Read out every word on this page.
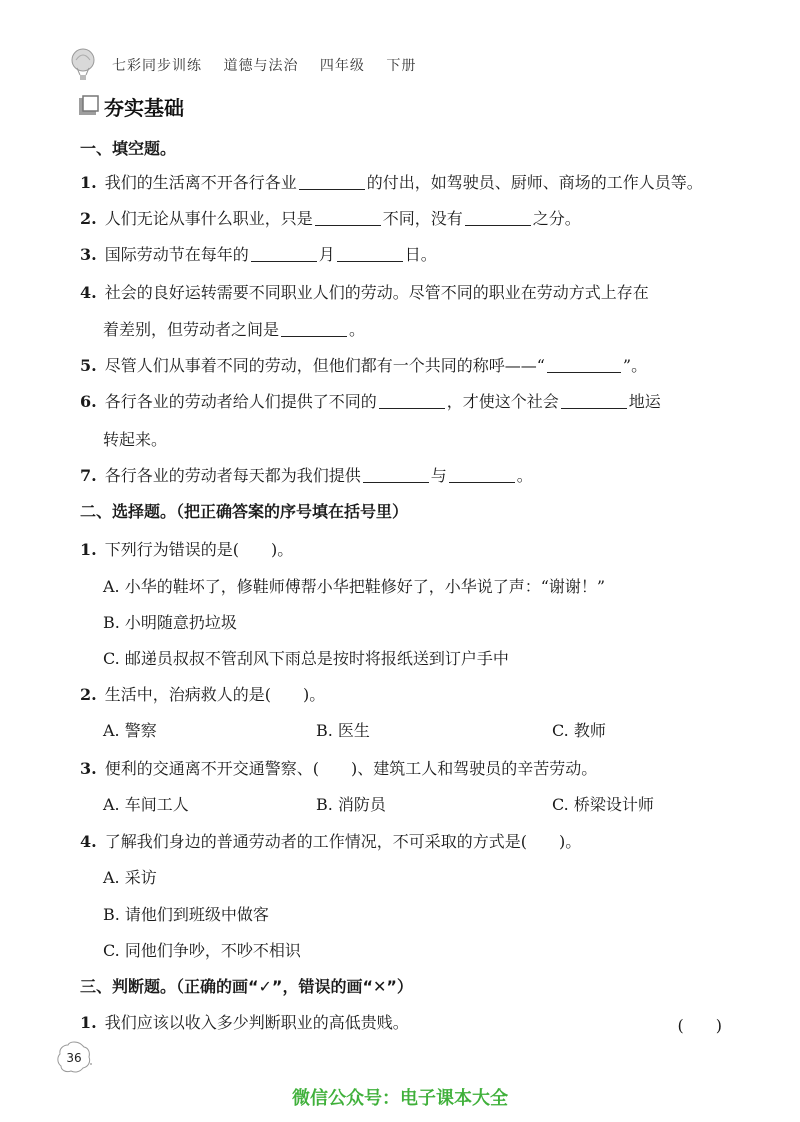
七彩同步训练 道德与法治 四年级 下册
夯实基础
一、填空题。
1. 我们的生活离不开各行各业	的付出，如驾驶员、厨师、商场的工作人员等。
2. 人们无论从事什么职业，只是	不同，没有	之分。
3. 国际劳动节在每年的	月	日。
4. 社会的良好运转需要不同职业人们的劳动。尽管不同的职业在劳动方式上存在
着差别，但劳动者之间是	。
5. 尽管人们从事着不同的劳动，但他们都有一个共同的称呼——“	”。
6. 各行各业的劳动者给人们提供了不同的	，才使这个社会	地运
转起来。
7. 各行各业的劳动者每天都为我们提供	与	。
二、选择题。（把正确答案的序号填在括号里）
1. 下列行为错误的是(　　)。
A. 小华的鞋坏了，修鞋师傅帮小华把鞋修好了，小华说了声：“谢谢！”
B. 小明随意扔垃圾
C. 邮递员叔叔不管刮风下雨总是按时将报纸送到订户手中
2. 生活中，治病救人的是(　　)。
A. 警察	B. 医生	C. 教师
3. 便利的交通离不开交通警察、(　　)、建筑工人和驾驶员的辛苦劳动。
A. 车间工人	B. 消防员	C. 桥梁设计师
4. 了解我们身边的普通劳动者的工作情况，不可采取的方式是(　　)。
A. 采访
B. 请他们到班级中做客
C. 同他们争吵，不吵不相识
三、判断题。（正确的画“✓”，错误的画“✕”）
1. 我们应该以收入多少判断职业的高低贵贱。	(　　)
36
微信公众号：电子课本大全
